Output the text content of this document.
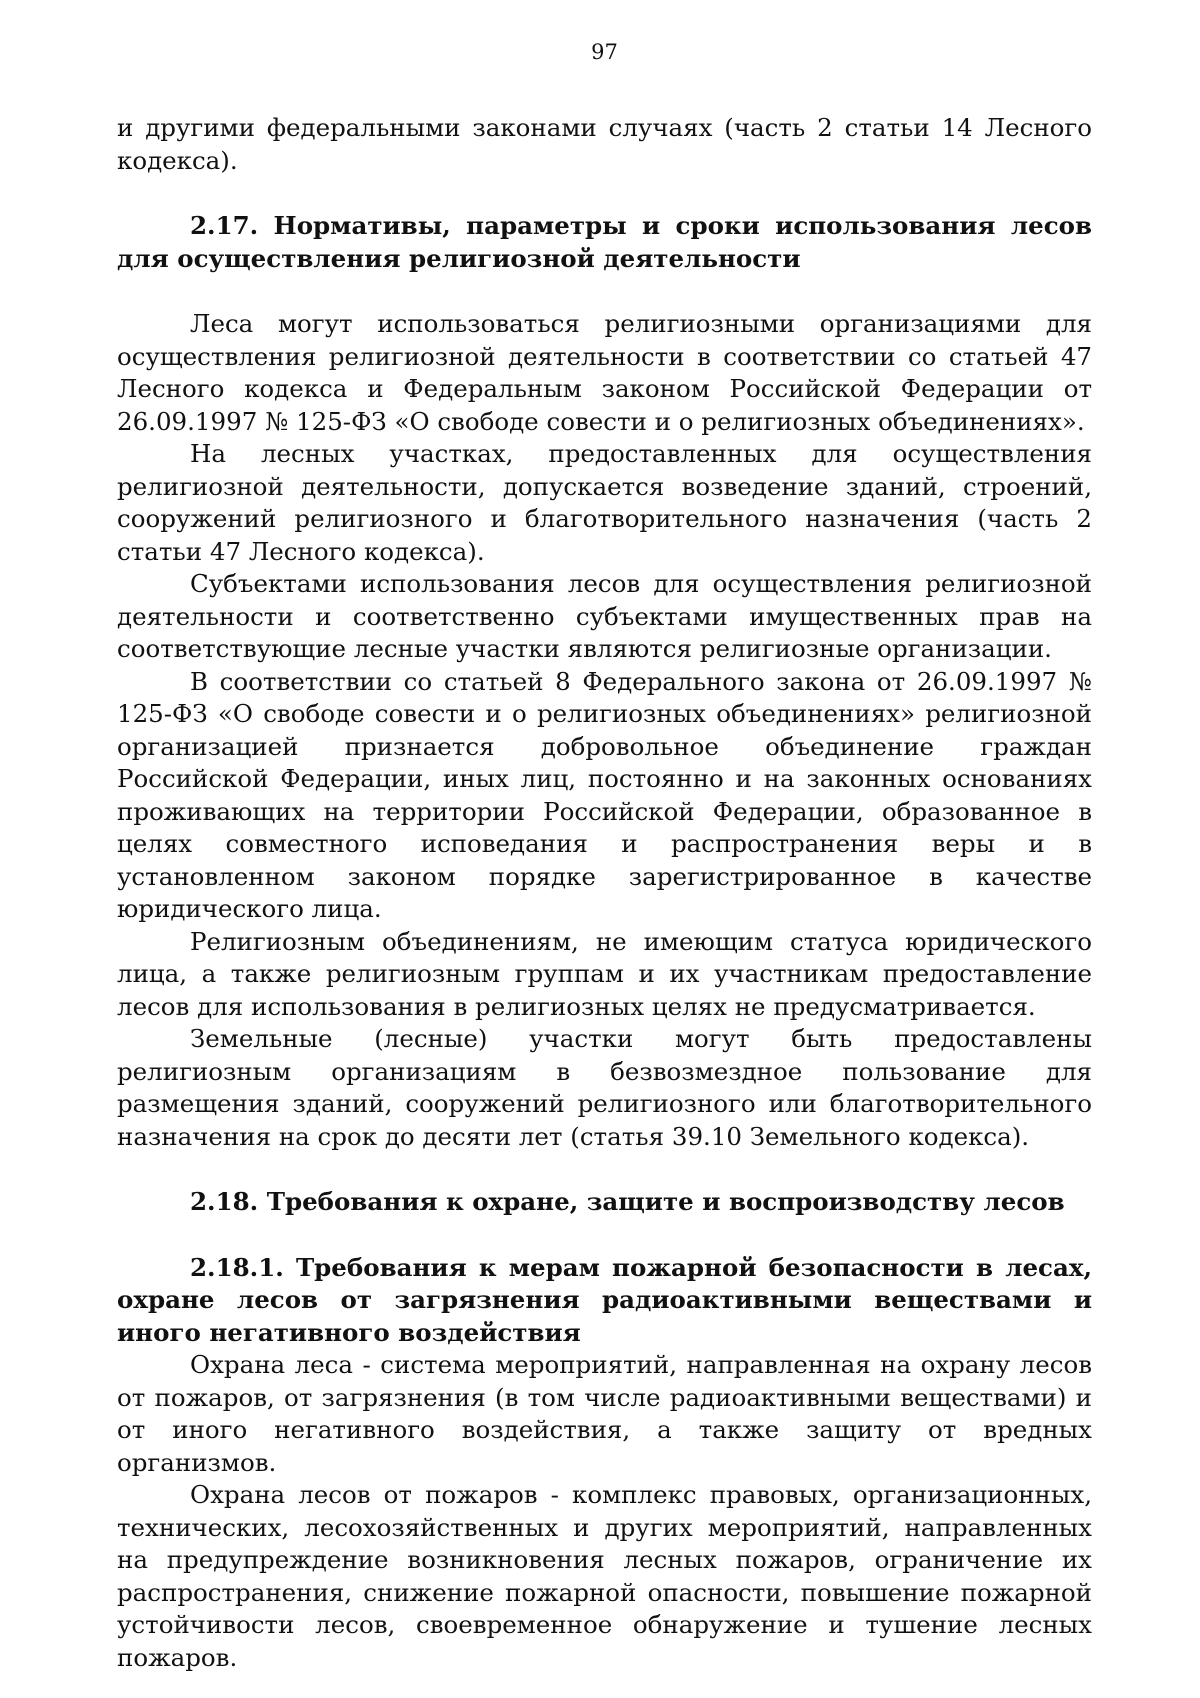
97

и другими федеральными законами случаях (часть 2 статьи 14 Лесного кодекса).

2.17. Нормативы, параметры и сроки использования лесов для осуществления религиозной деятельности

Леса могут использоваться религиозными организациями для осуществления религиозной деятельности в соответствии со статьей 47 Лесного кодекса и Федеральным законом Российской Федерации от 26.09.1997 № 125-ФЗ «О свободе совести и о религиозных объединениях».

На лесных участках, предоставленных для осуществления религиозной деятельности, допускается возведение зданий, строений, сооружений религиозного и благотворительного назначения (часть 2 статьи 47 Лесного кодекса).

Субъектами использования лесов для осуществления религиозной деятельности и соответственно субъектами имущественных прав на соответствующие лесные участки являются религиозные организации.

В соответствии со статьей 8 Федерального закона от 26.09.1997 № 125-ФЗ «О свободе совести и о религиозных объединениях» религиозной организацией признается добровольное объединение граждан Российской Федерации, иных лиц, постоянно и на законных основаниях проживающих на территории Российской Федерации, образованное в целях совместного исповедания и распространения веры и в установленном законом порядке зарегистрированное в качестве юридического лица.

Религиозным объединениям, не имеющим статуса юридического лица, а также религиозным группам и их участникам предоставление лесов для использования в религиозных целях не предусматривается.

Земельные (лесные) участки могут быть предоставлены религиозным организациям в безвозмездное пользование для размещения зданий, сооружений религиозного или благотворительного назначения на срок до десяти лет (статья 39.10 Земельного кодекса).

2.18. Требования к охране, защите и воспроизводству лесов
2.18.1. Требования к мерам пожарной безопасности в лесах, охране лесов от загрязнения радиоактивными веществами и иного негативного воздействия

Охрана леса - система мероприятий, направленная на охрану лесов от пожаров, от загрязнения (в том числе радиоактивными веществами) и от иного негативного воздействия, а также защиту от вредных организмов.

Охрана лесов от пожаров - комплекс правовых, организационных, технических, лесохозяйственных и других мероприятий, направленных на предупреждение возникновения лесных пожаров, ограничение их распространения, снижение пожарной опасности, повышение пожарной устойчивости лесов, своевременное обнаружение и тушение лесных пожаров.
